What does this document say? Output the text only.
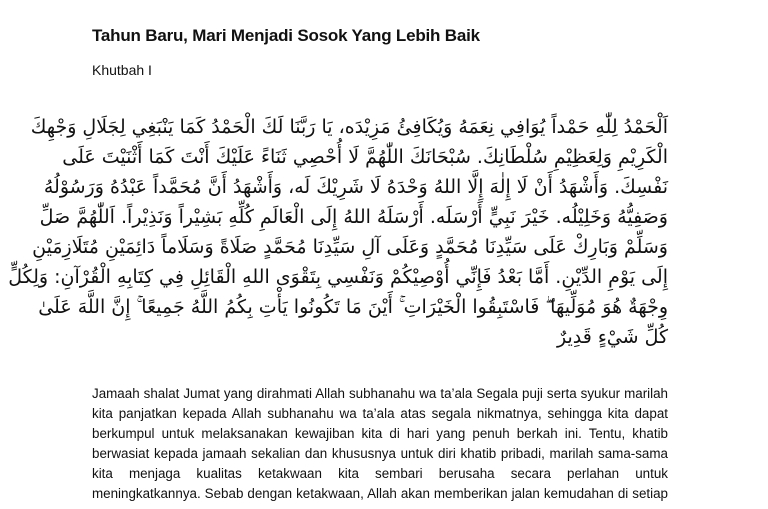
Tahun Baru, Mari Menjadi Sosok Yang Lebih Baik
Khutbah I
اَلْحَمْدُ لِلّٰهِ حَمْداً يُوَافِي نِعَمَهُ وَيُكَافِئُ مَزِيْدَه، يَا رَبَّنَا لَكَ الْحَمْدُ كَمَا يَنْبَغِي لِجَلَالِ وَجْهِكَ
الْكَرِيْمِ وَلِعَظِيْمِ سُلْطَانِكَ. سُبْحَانَكَ اللّٰهُمَّ لَا أُحْصِي ثَنَاءً عَلَيْكَ أَنْتَ كَمَا أَثْنَيْتَ عَلَى
نَفْسِكَ. وَأَشْهَدُ أَنْ لَا إِلٰهَ إِلَّا اللهُ وَحْدَهُ لَا شَرِيْكَ لَه، وَأَشْهَدُ أَنَّ مُحَمَّداً عَبْدُهُ وَرَسُوْلُهُ
وَصَفِيُّهُ وَخَلِيْلُه. خَيْرَ نَبِيٍّ أَرْسَلَه. أَرْسَلَهُ اللهُ إِلَى الْعَالَمِ كُلِّهِ بَشِيْراً وَنَذِيْراً. اَللّٰهُمَّ صَلِّ
وَسَلِّمْ وَبَارِكْ عَلَى سَيِّدِنَا مُحَمَّدٍ وَعَلَى آلِ سَيِّدِنَا مُحَمَّدٍ صَلَاةً وَسَلَاماً دَائِمَيْنِ مُتَلَازِمَيْنِ
إِلَى يَوْمِ الدِّيْنِ. أَمَّا بَعْدُ فَإِنِّي أُوْصِيْكُمْ وَنَفْسِي بِتَقْوَى اللهِ الْقَائِلِ فِي كِتَابِهِ الْقُرْآنِ: وَلِكُلٍّ
وِجْهَةٌ هُوَ مُوَلِّيهَا ۖ فَاسْتَبِقُوا الْخَيْرَاتِ ۚ أَيْنَ مَا تَكُونُوا يَأْتِ بِكُمُ اللَّهُ جَمِيعًا ۚ إِنَّ اللَّهَ عَلَىٰ
كُلِّ شَيْءٍ قَدِيرٌ
Jamaah shalat Jumat yang dirahmati Allah subhanahu wa ta’ala Segala puji serta syukur marilah
kita panjatkan kepada Allah subhanahu wa ta’ala atas segala nikmatnya, sehingga kita dapat
berkumpul untuk melaksanakan kewajiban kita di hari yang penuh berkah ini. Tentu, khatib
berwasiat kepada jamaah sekalian dan khususnya untuk diri khatib pribadi, marilah sama-sama
kita menjaga kualitas ketakwaan kita sembari berusaha secara perlahan untuk
meningkatkannya. Sebab dengan ketakwaan, Allah akan memberikan jalan kemudahan di setiap
